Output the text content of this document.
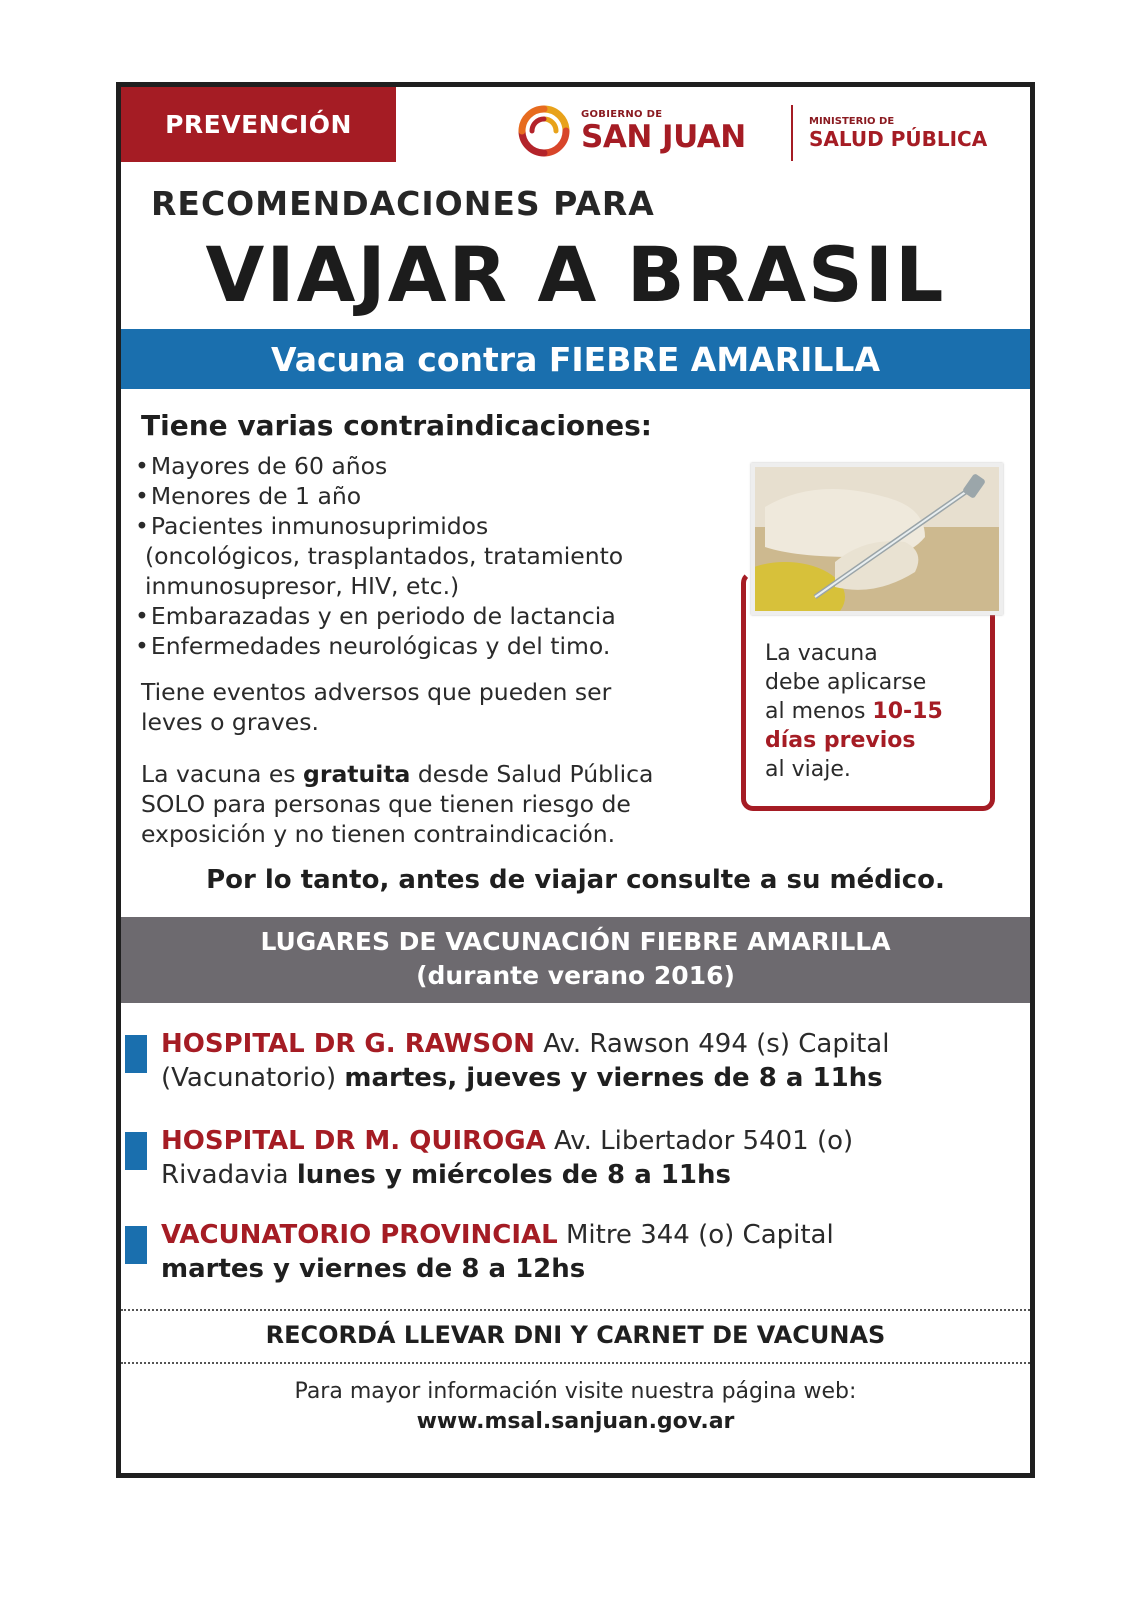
PREVENCIÓN	GOBIERNO DE
SAN JUAN	MINISTERIO DE
SALUD PÚBLICA
RECOMENDACIONES PARA
VIAJAR A BRASIL
Vacuna contra FIEBRE AMARILLA
Tiene varias contraindicaciones:
• Mayores de 60 años
• Menores de 1 año
• Pacientes inmunosuprimidos
(oncológicos, trasplantados, tratamiento
inmunosupresor, HIV, etc.)
• Embarazadas y en periodo de lactancia
• Enfermedades neurológicas y del timo.
Tiene eventos adversos que pueden ser
leves o graves.
La vacuna es gratuita desde Salud Pública
SOLO para personas que tienen riesgo de
exposición y no tienen contraindicación.
La vacuna
debe aplicarse
al menos 10-15
días previos
al viaje.
Por lo tanto, antes de viajar consulte a su médico.
LUGARES DE VACUNACIÓN FIEBRE AMARILLA
(durante verano 2016)
HOSPITAL DR G. RAWSON Av. Rawson 494 (s) Capital
(Vacunatorio) martes, jueves y viernes de 8 a 11hs
HOSPITAL DR M. QUIROGA Av. Libertador 5401 (o)
Rivadavia lunes y miércoles de 8 a 11hs
VACUNATORIO PROVINCIAL Mitre 344 (o) Capital
martes y viernes de 8 a 12hs
RECORDÁ LLEVAR DNI Y CARNET DE VACUNAS
Para mayor información visite nuestra página web:
www.msal.sanjuan.gov.ar
